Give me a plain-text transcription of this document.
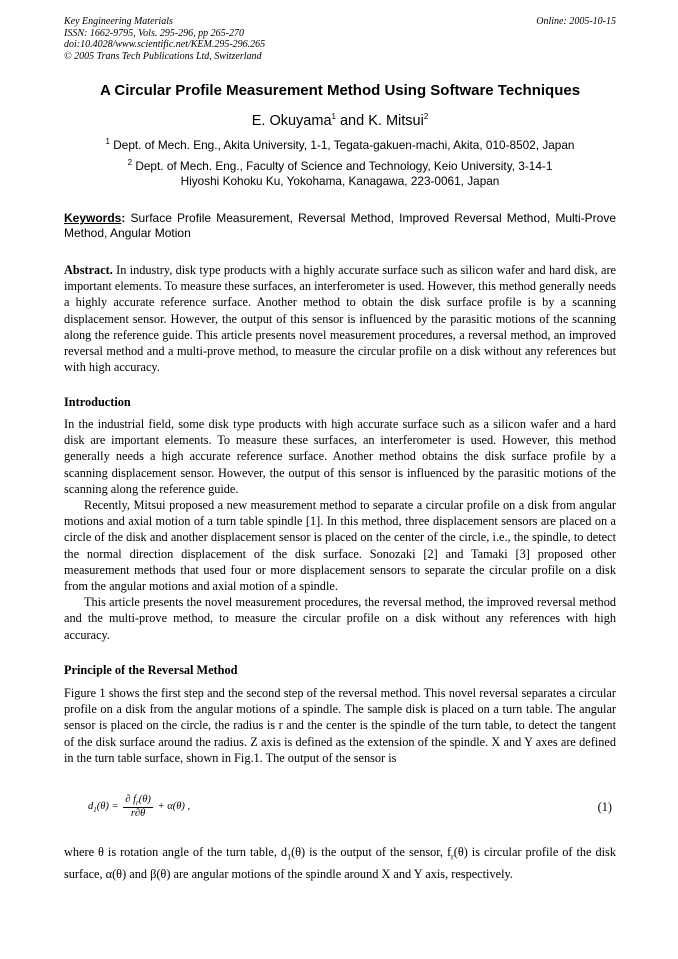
Key Engineering Materials
ISSN: 1662-9795, Vols. 295-296, pp 265-270
doi:10.4028/www.scientific.net/KEM.295-296.265
© 2005 Trans Tech Publications Ltd, Switzerland
Online: 2005-10-15
A Circular Profile Measurement Method Using Software Techniques
E. Okuyama$^1$ and K. Mitsui$^2$
$^1$ Dept. of Mech. Eng., Akita University, 1-1, Tegata-gakuen-machi, Akita, 010-8502, Japan
$^2$ Dept. of Mech. Eng., Faculty of Science and Technology, Keio University, 3-14-1
Hiyoshi Kohoku Ku, Yokohama, Kanagawa, 223-0061, Japan
Keywords: Surface Profile Measurement, Reversal Method, Improved Reversal Method, Multi-Prove Method, Angular Motion

Abstract. In industry, disk type products with a highly accurate surface such as silicon wafer and hard disk, are important elements. To measure these surfaces, an interferometer is used. However, this method generally needs a highly accurate reference surface. Another method to obtain the disk surface profile is by a scanning displacement sensor. However, the output of this sensor is influenced by the parasitic motions of the scanning along the reference guide. This article presents novel measurement procedures, a reversal method, an improved reversal method and a multi-prove method, to measure the circular profile on a disk without any references but with high accuracy.

Introduction

In the industrial field, some disk type products with high accurate surface such as a silicon wafer and a hard disk are important elements. To measure these surfaces, an interferometer is used. However, this method generally needs a high accurate reference surface. Another method obtains the disk surface profile by a scanning displacement sensor. However, the output of this sensor is influenced by the parasitic motions of the scanning along the reference guide.

Recently, Mitsui proposed a new measurement method to separate a circular profile on a disk from angular motions and axial motion of a turn table spindle [1]. In this method, three displacement sensors are placed on a circle of the disk and another displacement sensor is placed on the center of the circle, i.e., the spindle, to detect the normal direction displacement of the disk surface. Sonozaki [2] and Tamaki [3] proposed other measurement methods that used four or more displacement sensors to separate the circular profile on a disk from the angular motions and axial motion of a spindle.

This article presents the novel measurement procedures, the reversal method, the improved reversal method and the multi-prove method, to measure the circular profile on a disk without any references with high accuracy.

Principle of the Reversal Method

Figure 1 shows the first step and the second step of the reversal method. This novel reversal separates a circular profile on a disk from the angular motions of a spindle. The sample disk is placed on a turn table. The angular sensor is placed on the circle, the radius is r and the center is the spindle of the turn table, to detect the tangent of the disk surface around the radius. Z axis is defined as the extension of the spindle. X and Y axes are defined in the turn table surface, shown in Fig.1. The output of the sensor is

$d_1(\theta) = \frac{\partial f_r(\theta)}{r\partial\theta} + \alpha(\theta)$ ,	(1)

where θ is rotation angle of the turn table, $d_1(\theta)$ is the output of the sensor, $f_r(\theta)$ is circular profile of the disk surface, α(θ) and β(θ) are angular motions of the spindle around X and Y axis, respectively.
